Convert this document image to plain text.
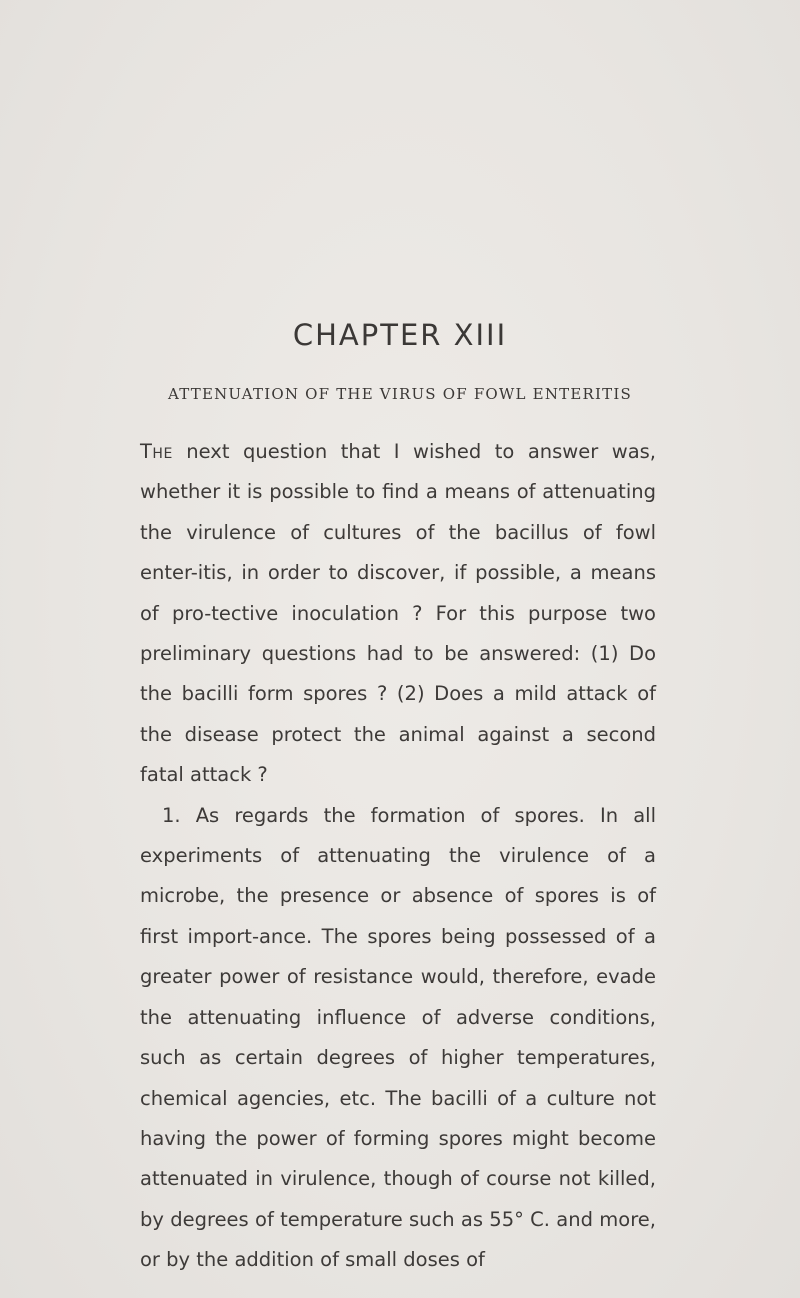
CHAPTER XIII
ATTENUATION OF THE VIRUS OF FOWL ENTERITIS

The next question that I wished to answer was, whether it is possible to find a means of attenuating the virulence of cultures of the bacillus of fowl enter-itis, in order to discover, if possible, a means of pro-tective inoculation ? For this purpose two preliminary questions had to be answered: (1) Do the bacilli form spores ? (2) Does a mild attack of the disease protect the animal against a second fatal attack ?

1. As regards the formation of spores. In all experiments of attenuating the virulence of a microbe, the presence or absence of spores is of first import-ance. The spores being possessed of a greater power of resistance would, therefore, evade the attenuating influence of adverse conditions, such as certain degrees of higher temperatures, chemical agencies, etc. The bacilli of a culture not having the power of forming spores might become attenuated in virulence, though of course not killed, by degrees of temperature such as 55° C. and more, or by the addition of small doses of
